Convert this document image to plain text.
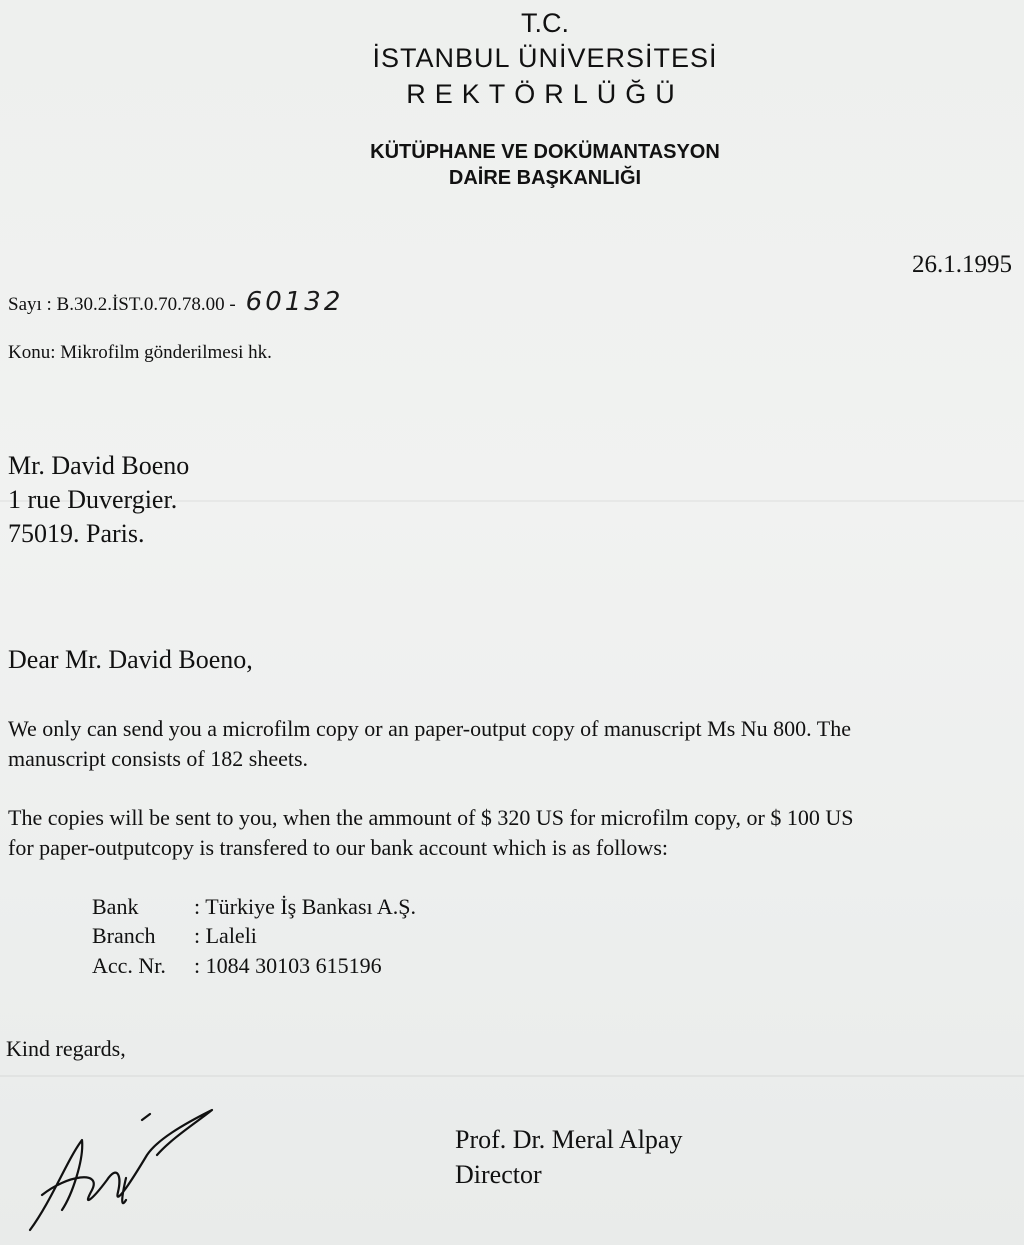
T.C.
İSTANBUL ÜNİVERSİTESİ
REKTÖRLÜĞÜ
KÜTÜPHANE VE DOKÜMANTASYON
DAİRE BAŞKANLIĞI
26.1.1995
Sayı : B.30.2.İST.0.70.78.00 - 60132
Konu: Mikrofilm gönderilmesi hk.
Mr. David Boeno
1 rue Duvergier.
75019. Paris.
Dear Mr. David Boeno,
We only can send you a microfilm copy or an paper-output copy of manuscript Ms Nu 800. The
manuscript consists of 182 sheets.
The copies will be sent to you, when the ammount of $ 320 US for microfilm copy, or $ 100 US
for paper-outputcopy is transfered to our bank account which is as follows:
Bank	: Türkiye İş Bankası A.Ş.
Branch : Laleli
Acc. Nr. : 1084 30103 615196
Kind regards,
Prof. Dr. Meral Alpay
Director
